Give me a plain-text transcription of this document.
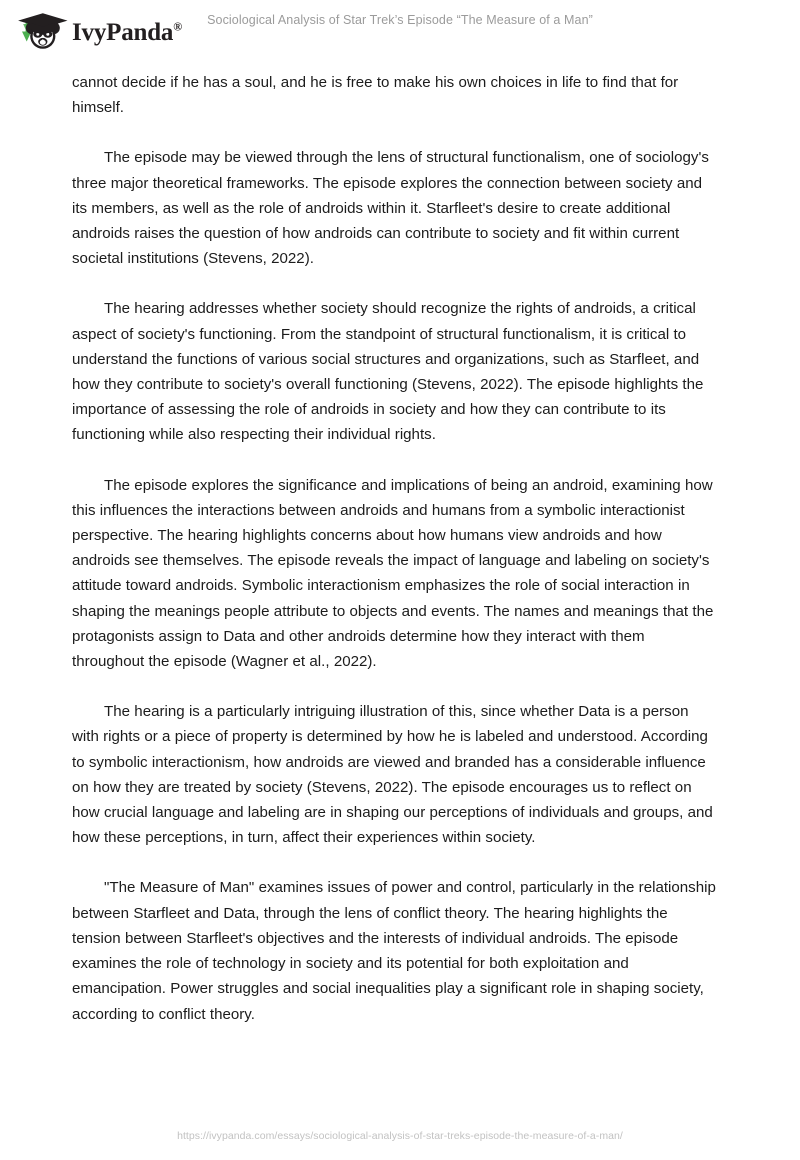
IvyPanda®	Sociological Analysis of Star Trek’s Episode “The Measure of a Man”

cannot decide if he has a soul, and he is free to make his own choices in life to find that for himself.

The episode may be viewed through the lens of structural functionalism, one of sociology's three major theoretical frameworks. The episode explores the connection between society and its members, as well as the role of androids within it. Starfleet's desire to create additional androids raises the question of how androids can contribute to society and fit within current societal institutions (Stevens, 2022).

The hearing addresses whether society should recognize the rights of androids, a critical aspect of society's functioning. From the standpoint of structural functionalism, it is critical to understand the functions of various social structures and organizations, such as Starfleet, and how they contribute to society's overall functioning (Stevens, 2022). The episode highlights the importance of assessing the role of androids in society and how they can contribute to its functioning while also respecting their individual rights.

The episode explores the significance and implications of being an android, examining how this influences the interactions between androids and humans from a symbolic interactionist perspective. The hearing highlights concerns about how humans view androids and how androids see themselves. The episode reveals the impact of language and labeling on society's attitude toward androids. Symbolic interactionism emphasizes the role of social interaction in shaping the meanings people attribute to objects and events. The names and meanings that the protagonists assign to Data and other androids determine how they interact with them throughout the episode (Wagner et al., 2022).

The hearing is a particularly intriguing illustration of this, since whether Data is a person with rights or a piece of property is determined by how he is labeled and understood. According to symbolic interactionism, how androids are viewed and branded has a considerable influence on how they are treated by society (Stevens, 2022). The episode encourages us to reflect on how crucial language and labeling are in shaping our perceptions of individuals and groups, and how these perceptions, in turn, affect their experiences within society.

"The Measure of Man" examines issues of power and control, particularly in the relationship between Starfleet and Data, through the lens of conflict theory. The hearing highlights the tension between Starfleet's objectives and the interests of individual androids. The episode examines the role of technology in society and its potential for both exploitation and emancipation. Power struggles and social inequalities play a significant role in shaping society, according to conflict theory.

https://ivypanda.com/essays/sociological-analysis-of-star-treks-episode-the-measure-of-a-man/
